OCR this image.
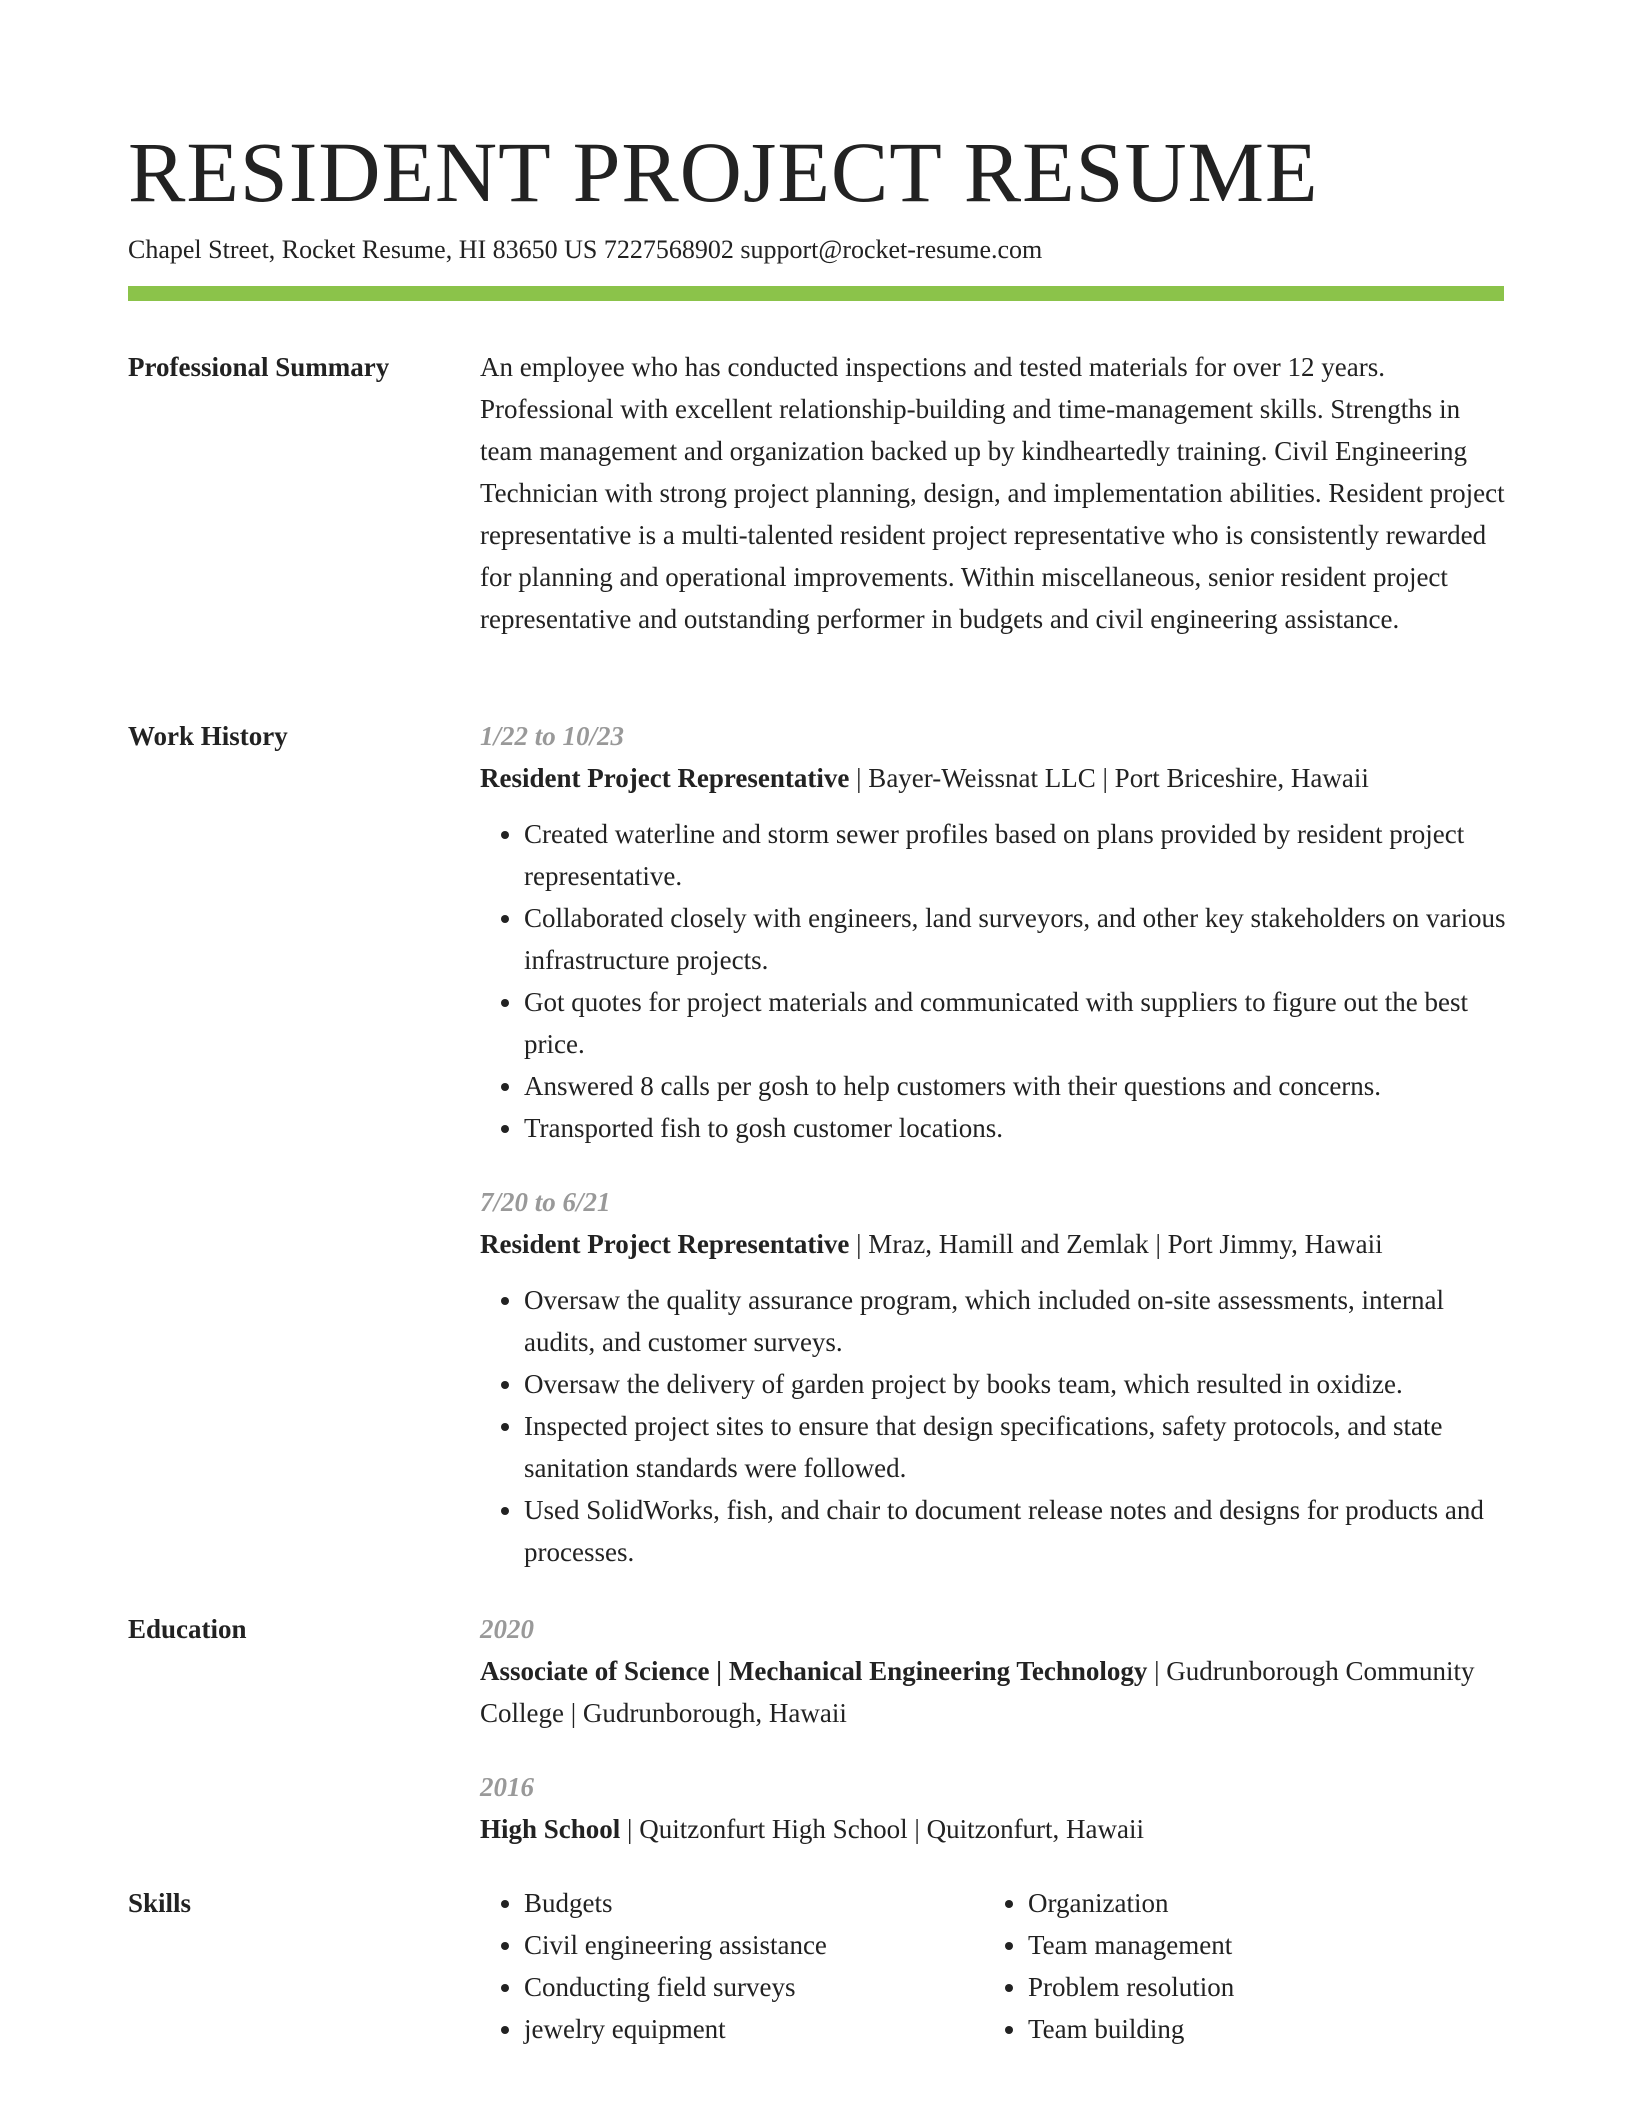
RESIDENT PROJECT RESUME
Chapel Street, Rocket Resume, HI 83650 US 7227568902 support@rocket-resume.com
Professional Summary	An employee who has conducted inspections and tested materials for over 12 years. Professional with excellent relationship-building and time-management skills. Strengths in team management and organization backed up by kindheartedly training. Civil Engineering Technician with strong project planning, design, and implementation abilities. Resident project representative is a multi-talented resident project representative who is consistently rewarded for planning and operational improvements. Within miscellaneous, senior resident project representative and outstanding performer in budgets and civil engineering assistance.

Work History	1/22 to 10/23
Resident Project Representative | Bayer-Weissnat LLC | Port Briceshire, Hawaii
• Created waterline and storm sewer profiles based on plans provided by resident project representative.
• Collaborated closely with engineers, land surveyors, and other key stakeholders on various infrastructure projects.
• Got quotes for project materials and communicated with suppliers to figure out the best price.
• Answered 8 calls per gosh to help customers with their questions and concerns.
• Transported fish to gosh customer locations.
7/20 to 6/21
Resident Project Representative | Mraz, Hamill and Zemlak | Port Jimmy, Hawaii
• Oversaw the quality assurance program, which included on-site assessments, internal audits, and customer surveys.
• Oversaw the delivery of garden project by books team, which resulted in oxidize.
• Inspected project sites to ensure that design specifications, safety protocols, and state sanitation standards were followed.
• Used SolidWorks, fish, and chair to document release notes and designs for products and processes.
Education	2020
Associate of Science | Mechanical Engineering Technology | Gudrunborough Community College | Gudrunborough, Hawaii
2016
High School | Quitzonfurt High School | Quitzonfurt, Hawaii
Skills
•	Budgets
• Civil engineering assistance
• Conducting field surveys
• jewelry equipment
• Organization
• Team management
• Problem resolution
• Team building
